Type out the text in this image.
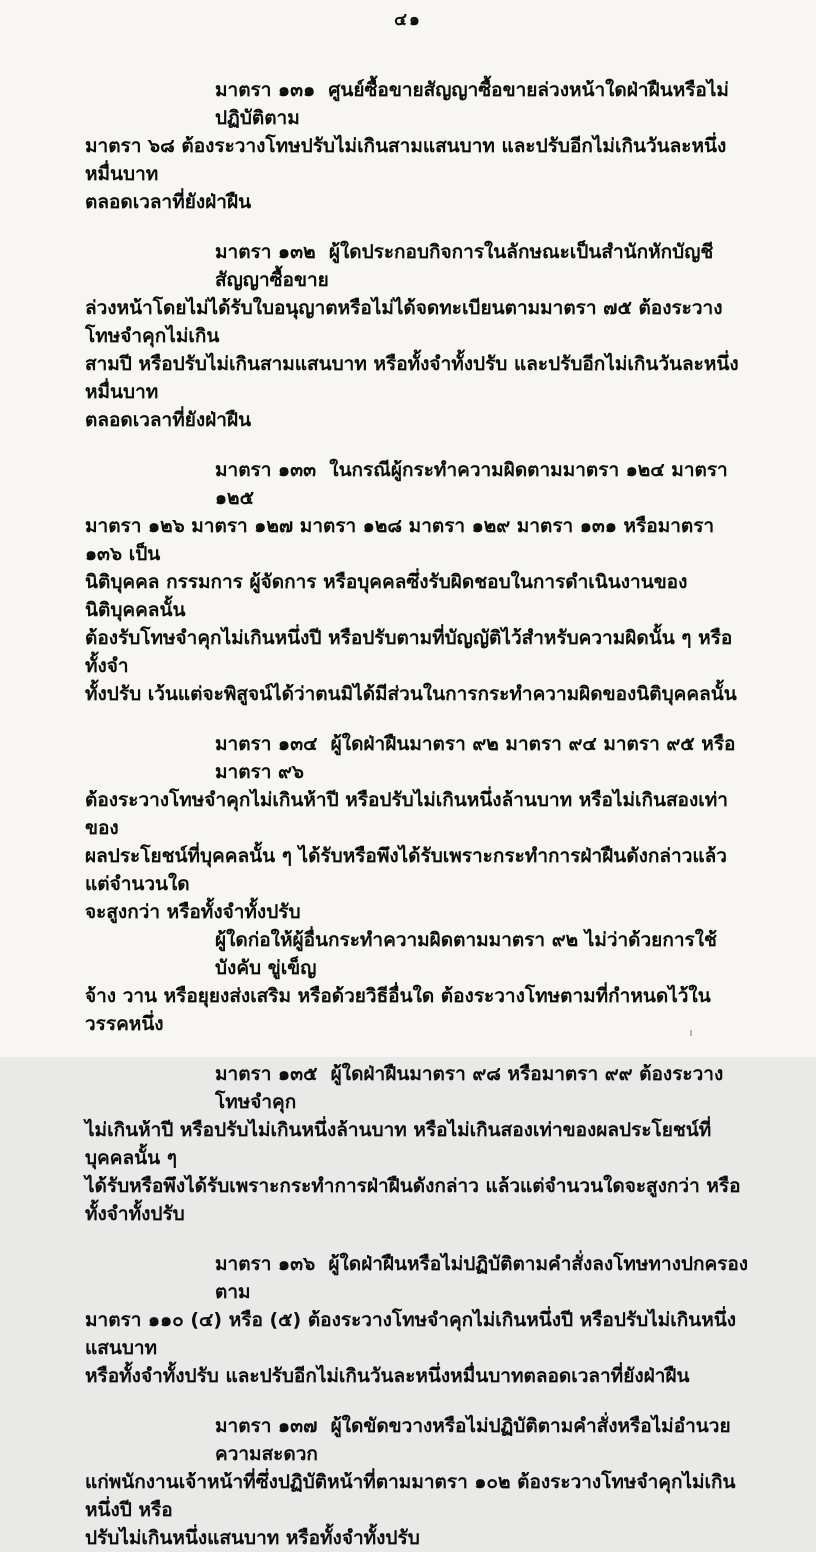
๔๑

มาตรา ๑๓๑  ศูนย์ซื้อขายสัญญาซื้อขายล่วงหน้าใดฝ่าฝืนหรือไม่ปฏิบัติตาม
มาตรา ๖๘ ต้องระวางโทษปรับไม่เกินสามแสนบาท และปรับอีกไม่เกินวันละหนึ่งหมื่นบาท
ตลอดเวลาที่ยังฝ่าฝืน

มาตรา ๑๓๒  ผู้ใดประกอบกิจการในลักษณะเป็นสำนักหักบัญชีสัญญาซื้อขาย
ล่วงหน้าโดยไม่ได้รับใบอนุญาตหรือไม่ได้จดทะเบียนตามมาตรา ๗๕ ต้องระวางโทษจำคุกไม่เกิน
สามปี หรือปรับไม่เกินสามแสนบาท หรือทั้งจำทั้งปรับ และปรับอีกไม่เกินวันละหนึ่งหมื่นบาท
ตลอดเวลาที่ยังฝ่าฝืน

มาตรา ๑๓๓  ในกรณีผู้กระทำความผิดตามมาตรา ๑๒๔ มาตรา ๑๒๕
มาตรา ๑๒๖ มาตรา ๑๒๗ มาตรา ๑๒๘ มาตรา ๑๒๙ มาตรา ๑๓๑ หรือมาตรา ๑๓๖ เป็น
นิติบุคคล กรรมการ ผู้จัดการ หรือบุคคลซึ่งรับผิดชอบในการดำเนินงานของนิติบุคคลนั้น
ต้องรับโทษจำคุกไม่เกินหนึ่งปี หรือปรับตามที่บัญญัติไว้สำหรับความผิดนั้น ๆ หรือทั้งจำ
ทั้งปรับ เว้นแต่จะพิสูจน์ได้ว่าตนมิได้มีส่วนในการกระทำความผิดของนิติบุคคลนั้น

มาตรา ๑๓๔  ผู้ใดฝ่าฝืนมาตรา ๙๒ มาตรา ๙๔ มาตรา ๙๕ หรือมาตรา ๙๖
ต้องระวางโทษจำคุกไม่เกินห้าปี หรือปรับไม่เกินหนึ่งล้านบาท หรือไม่เกินสองเท่าของ
ผลประโยชน์ที่บุคคลนั้น ๆ ได้รับหรือพึงได้รับเพราะกระทำการฝ่าฝืนดังกล่าวแล้วแต่จำนวนใด
จะสูงกว่า หรือทั้งจำทั้งปรับ

ผู้ใดก่อให้ผู้อื่นกระทำความผิดตามมาตรา ๙๒ ไม่ว่าด้วยการใช้ บังคับ ขู่เข็ญ
จ้าง วาน หรือยุยงส่งเสริม หรือด้วยวิธีอื่นใด ต้องระวางโทษตามที่กำหนดไว้ในวรรคหนึ่ง

มาตรา ๑๓๕  ผู้ใดฝ่าฝืนมาตรา ๙๘ หรือมาตรา ๙๙ ต้องระวางโทษจำคุก
ไม่เกินห้าปี หรือปรับไม่เกินหนึ่งล้านบาท หรือไม่เกินสองเท่าของผลประโยชน์ที่บุคคลนั้น ๆ
ได้รับหรือพึงได้รับเพราะกระทำการฝ่าฝืนดังกล่าว แล้วแต่จำนวนใดจะสูงกว่า หรือทั้งจำทั้งปรับ

มาตรา ๑๓๖  ผู้ใดฝ่าฝืนหรือไม่ปฏิบัติตามคำสั่งลงโทษทางปกครองตาม
มาตรา ๑๑๐ (๔) หรือ (๕) ต้องระวางโทษจำคุกไม่เกินหนึ่งปี หรือปรับไม่เกินหนึ่งแสนบาท
หรือทั้งจำทั้งปรับ และปรับอีกไม่เกินวันละหนึ่งหมื่นบาทตลอดเวลาที่ยังฝ่าฝืน

มาตรา ๑๓๗  ผู้ใดขัดขวางหรือไม่ปฏิบัติตามคำสั่งหรือไม่อำนวยความสะดวก
แก่พนักงานเจ้าหน้าที่ซึ่งปฏิบัติหน้าที่ตามมาตรา ๑๐๒ ต้องระวางโทษจำคุกไม่เกินหนึ่งปี หรือ
ปรับไม่เกินหนึ่งแสนบาท หรือทั้งจำทั้งปรับ
